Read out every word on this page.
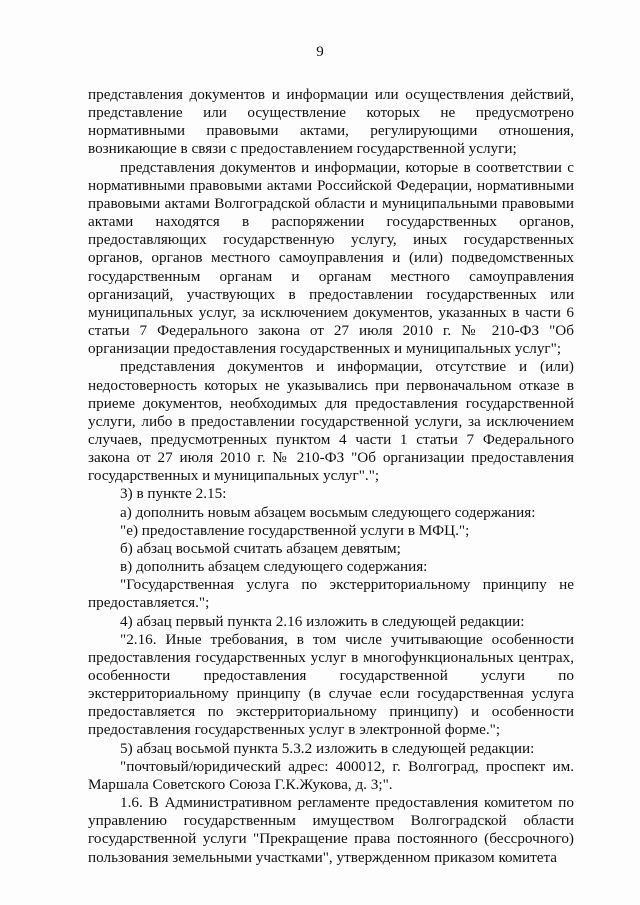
9

представления документов и информации или осуществления действий, представление или осуществление которых не предусмотрено нормативными правовыми актами, регулирующими отношения, возникающие в связи с предоставлением государственной услуги;

представления документов и информации, которые в соответствии с нормативными правовыми актами Российской Федерации, нормативными правовыми актами Волгоградской области и муниципальными правовыми актами находятся в распоряжении государственных органов, предоставляющих государственную услугу, иных государственных органов, органов местного самоуправления и (или) подведомственных государственным органам и органам местного самоуправления организаций, участвующих в предоставлении государственных или муниципальных услуг, за исключением документов, указанных в части 6 статьи 7 Федерального закона от 27 июля 2010 г. № 210-ФЗ "Об организации предоставления государственных и муниципальных услуг";

представления документов и информации, отсутствие и (или) недостоверность которых не указывались при первоначальном отказе в приеме документов, необходимых для предоставления государственной услуги, либо в предоставлении государственной услуги, за исключением случаев, предусмотренных пунктом 4 части 1 статьи 7 Федерального закона от 27 июля 2010 г. № 210-ФЗ "Об организации предоставления государственных и муниципальных услуг".";

3) в пункте 2.15:

а) дополнить новым абзацем восьмым следующего содержания:

"е) предоставление государственной услуги в МФЦ.";

б) абзац восьмой считать абзацем девятым;

в) дополнить абзацем следующего содержания:

"Государственная услуга по экстерриториальному принципу не предоставляется.";

4) абзац первый пункта 2.16 изложить в следующей редакции:

"2.16. Иные требования, в том числе учитывающие особенности предоставления государственных услуг в многофункциональных центрах, особенности предоставления государственной услуги по экстерриториальному принципу (в случае если государственная услуга предоставляется по экстерриториальному принципу) и особенности предоставления государственных услуг в электронной форме.";

5) абзац восьмой пункта 5.3.2 изложить в следующей редакции:

"почтовый/юридический адрес: 400012, г. Волгоград, проспект им. Маршала Советского Союза Г.К.Жукова, д. 3;".

1.6. В Административном регламенте предоставления комитетом по управлению государственным имуществом Волгоградской области государственной услуги "Прекращение права постоянного (бессрочного) пользования земельными участками", утвержденном приказом комитета
